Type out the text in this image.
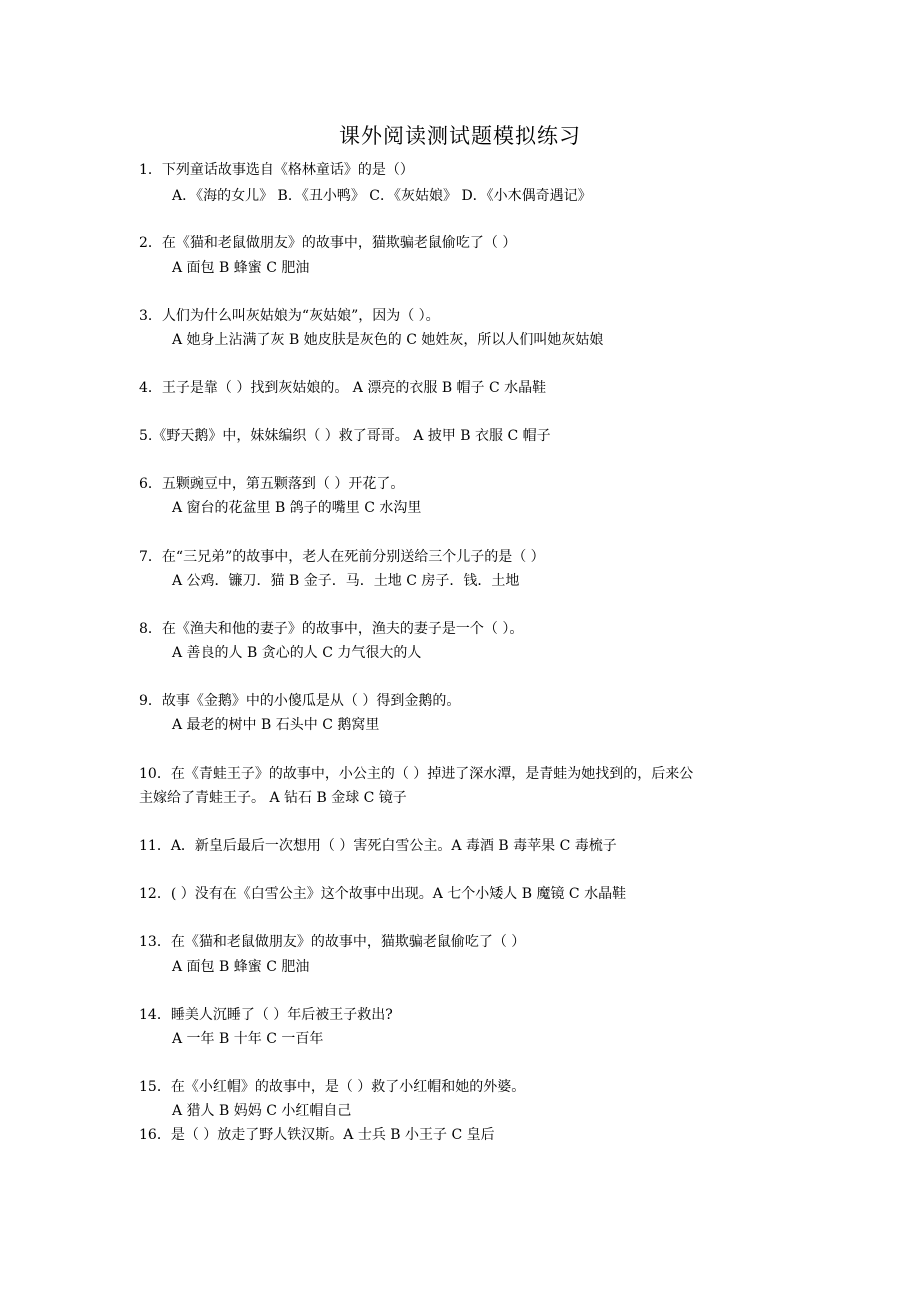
课外阅读测试题模拟练习
1．下列童话故事选自《格林童话》的是（）
A．《海的女儿》 B．《丑小鸭》 C．《灰姑娘》 D．《小木偶奇遇记》
2．在《猫和老鼠做朋友》的故事中，猫欺骗老鼠偷吃了（ ）
A 面包 B 蜂蜜 C 肥油
3．人们为什么叫灰姑娘为“灰姑娘”，因为（ ）。
A 她身上沾满了灰 B 她皮肤是灰色的 C 她姓灰，所以人们叫她灰姑娘
4．王子是靠（ ）找到灰姑娘的。 A 漂亮的衣服 B 帽子 C 水晶鞋
5.《野天鹅》中，妹妹编织（ ）救了哥哥。 A 披甲 B 衣服 C 帽子
6．五颗豌豆中，第五颗落到（ ）开花了。
A 窗台的花盆里 B 鸽子的嘴里 C 水沟里
7．在“三兄弟”的故事中，老人在死前分别送给三个儿子的是（ ）
A 公鸡．镰刀．猫 B 金子．马．土地 C 房子．钱．土地
8．在《渔夫和他的妻子》的故事中，渔夫的妻子是一个（ ）。
A 善良的人 B 贪心的人 C 力气很大的人
9．故事《金鹅》中的小傻瓜是从（ ）得到金鹅的。
A 最老的树中 B 石头中 C 鹅窝里
10．在《青蛙王子》的故事中，小公主的（ ）掉进了深水潭，是青蛙为她找到的，后来公
主嫁给了青蛙王子。 A 钻石 B 金球 C 镜子
11．A．新皇后最后一次想用（ ）害死白雪公主。A 毒酒 B 毒苹果 C 毒梳子
12．( ）没有在《白雪公主》这个故事中出现。A 七个小矮人 B 魔镜 C 水晶鞋
13．在《猫和老鼠做朋友》的故事中，猫欺骗老鼠偷吃了（ ）
A 面包 B 蜂蜜 C 肥油
14．睡美人沉睡了（ ）年后被王子救出?
A 一年 B 十年 C 一百年
15．在《小红帽》的故事中，是（ ）救了小红帽和她的外婆。
A 猎人 B 妈妈 C 小红帽自己
16．是（ ）放走了野人铁汉斯。A 士兵 B 小王子 C 皇后
